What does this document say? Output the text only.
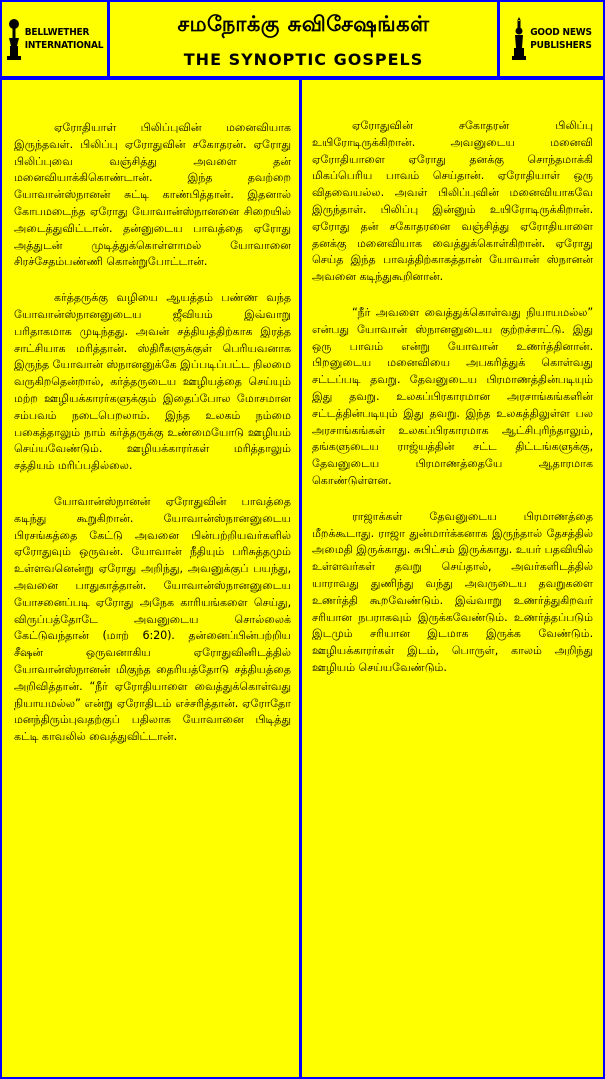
BELLWETHER
INTERNATIONAL
சமநோக்கு சுவிசேஷங்கள்
THE SYNOPTIC GOSPELS
GOOD NEWS
PUBLISHERS

ஏரோதியாள் பிலிப்புவின் மனைவியாக இருந்தவள். பிலிப்பு ஏரோதுவின் சகோதரன். ஏரோது பிலிப்புவை வஞ்சித்து அவளை தன் மனைவியாக்கிகொண்டான். இந்த தவற்றை யோவான்ஸ்நானன் சுட்டி காண்பித்தான். இதனால் கோபமடைந்த ஏரோது யோவான்ஸ்நானனை சிறையில் அடைத்துவிட்டான். தன்னுடைய பாவத்தை ஏரோது அத்துடன் முடித்துக்கொள்ளாமல் யோவானை சிரச்சேதம்பண்ணி கொன்றுபோட்டான்.

கர்த்தருக்கு வழியை ஆயத்தம் பண்ண வந்த யோவான்ஸ்நானனுடைய ஜீவியம் இவ்வாறு பரிதாகமாக முடிந்தது. அவன் சத்தியத்திற்காக இரத்த சாட்சியாக மரித்தான். ஸ்திரீகளுக்குள் பெரியவனாக இருந்த யோவான் ஸ்நானனுக்கே இப்படிப்பட்ட நிலமை வருகிறதென்றால், கர்த்தருடைய ஊழியத்தை செய்யும் மற்ற ஊழியக்காரர்களுக்கும் இதைப்போல மோசமான சம்பவம் நடைபெறலாம். இந்த உலகம் நம்மை பகைத்தாலும் நாம் கர்த்தருக்கு உண்மையோடு ஊழியம் செய்யவேண்டும். ஊழியக்காரர்கள் மரித்தாலும் சத்தியம் மரிப்பதில்லை.

யோவான்ஸ்நானன் ஏரோதுவின் பாவத்தை கடிந்து கூறுகிறான். யோவான்ஸ்நானனுடைய பிரசங்கத்தை கேட்டு அவனை பின்பற்றியவர்களில் ஏரோதுவும் ஒருவன். யோவான் நீதியும் பரிசுத்தமும் உள்ளவனென்று ஏரோது அறிந்து, அவனுக்குப் பயந்து, அவனை பாதுகாத்தான். யோவான்ஸ்நானனுடைய யோசனைப்படி ஏரோது அநேக காரியங்களை செய்து, விருப்பத்தோடே அவனுடைய சொல்லைக் கேட்டுவந்தான் (மாற் 6:20). தன்னைப்பின்பற்றிய சீஷன் ஒருவனாகிய ஏரோதுவினிடத்தில் யோவான்ஸ்நானன் மிகுந்த தைரியத்தோடு சத்தியத்தை அறிவித்தான். “நீர் ஏரோதியாளை வைத்துக்கொள்வது நியாயமல்ல” என்று ஏரோதிடம் எச்சரித்தான். ஏரோதோ மனந்திரும்புவதற்குப் பதிலாக யோவானை பிடித்து கட்டி காவலில் வைத்துவிட்டான்.

ஏரோதுவின் சகோதரன் பிலிப்பு உயிரோடிருக்கிறான். அவனுடைய மனைவி ஏரோதியாளை ஏரோது தனக்கு சொந்தமாக்கி மிகப்பெரிய பாவம் செய்தான். ஏரோதியாள் ஒரு விதவையல்ல. அவள் பிலிப்புவின் மனைவியாகவே இருந்தாள். பிலிப்பு இன்னும் உயிரோடிருக்கிறான். ஏரோது தன் சகோதரனை வஞ்சித்து ஏரோதியாளை தனக்கு மனைவியாக வைத்துக்கொள்கிறான். ஏரோது செய்த இந்த பாவத்திற்காகத்தான் யோவான் ஸ்நானன் அவனை கடிந்துகூறினான்.

“நீர் அவளை வைத்துக்கொள்வது நியாயமல்ல” என்பது யோவான் ஸ்நானனுடைய குற்றச்சாட்டு. இது ஒரு பாவம் என்று யோவான் உணர்த்தினான். பிறனுடைய மனைவியை அபகரித்துக் கொள்வது சட்டப்படி தவறு. தேவனுடைய பிரமாணத்தின்படியும் இது தவறு. உலகப்பிரகாரமான அரசாங்கங்களின் சட்டத்தின்படியும் இது தவறு. இந்த உலகத்திலுள்ள பல அரசாங்கங்கள் உலகப்பிரகாரமாக ஆட்சிபுரிந்தாலும், தங்களுடைய ராஜ்யத்தின் சட்ட திட்டங்களுக்கு, தேவனுடைய பிரமாணத்தையே ஆதாரமாக கொண்டுள்ளன.

ராஜாக்கள் தேவனுடைய பிரமாணத்தை மீறக்கூடாது. ராஜா துன்மார்க்கனாக இருந்தால் தேசத்தில் அமைதி இருக்காது. சுபிட்சம் இருக்காது. உயர் பதவியில் உள்ளவர்கள் தவறு செய்தால், அவர்களிடத்தில் யாராவது துணிந்து வந்து அவருடைய தவறுகளை உணர்த்தி கூறவேண்டும். இவ்வாறு உணர்த்துகிறவர் சரியான நபராகவும் இருக்கவேண்டும். உணர்த்தப்படும் இடமும் சரியான இடமாக இருக்க வேண்டும். ஊழியக்காரர்கள் இடம், பொருள், காலம் அறிந்து ஊழியம் செய்யவேண்டும்.
